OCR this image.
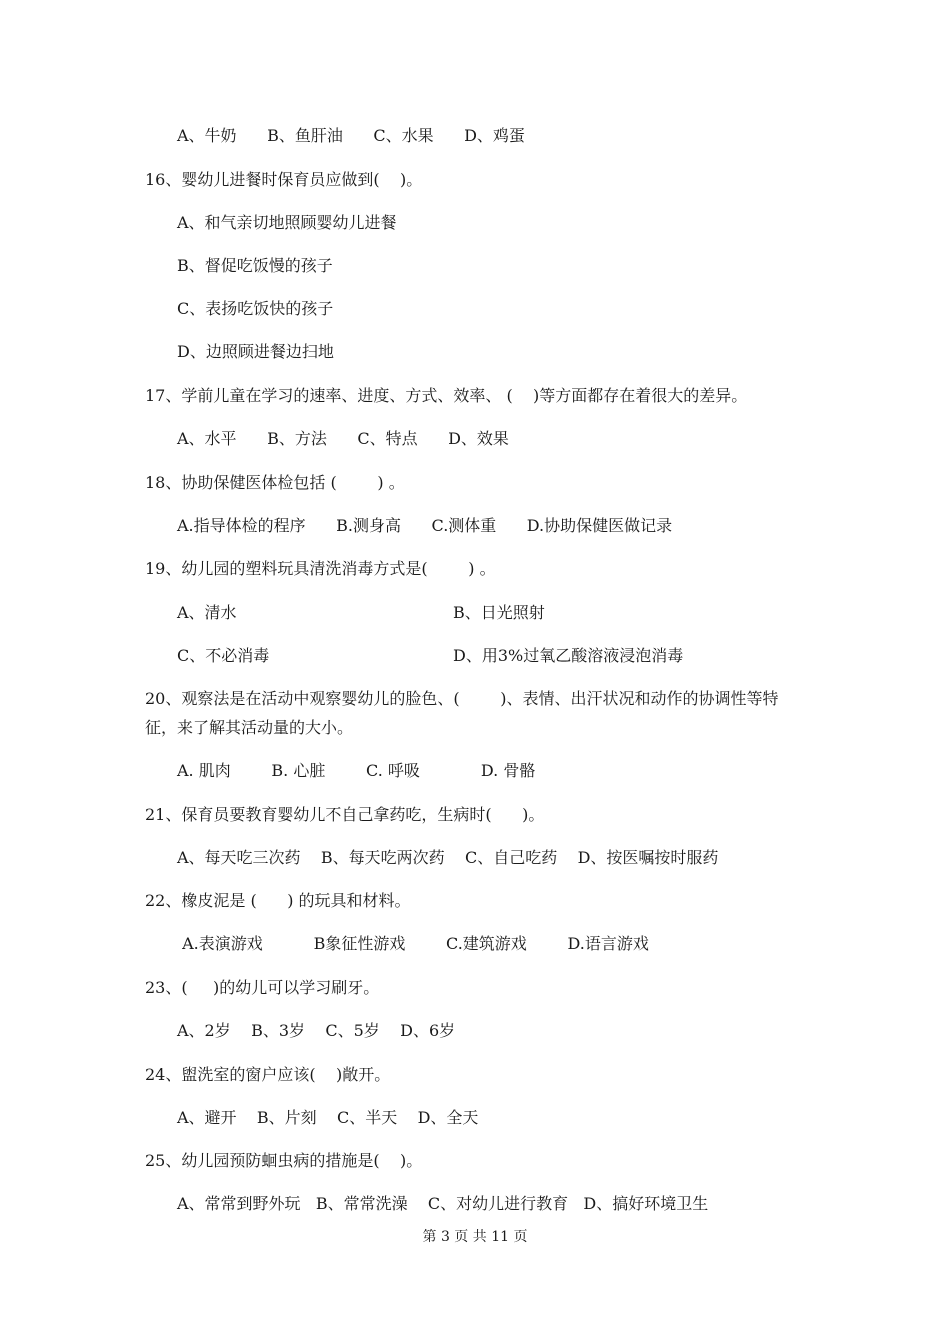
A、牛奶      B、鱼肝油      C、水果      D、鸡蛋
16、婴幼儿进餐时保育员应做到(    )。
A、和气亲切地照顾婴幼儿进餐
B、督促吃饭慢的孩子
C、表扬吃饭快的孩子
D、边照顾进餐边扫地
17、学前儿童在学习的速率、进度、方式、效率、 (    )等方面都存在着很大的差异。
A、水平      B、方法      C、特点      D、效果
18、协助保健医体检包括 (        ) 。
A.指导体检的程序      B.测身高      C.测体重      D.协助保健医做记录
19、幼儿园的塑料玩具清洗消毒方式是(        ) 。
A、清水	B、日光照射
C、不必消毒	D、用3%过氧乙酸溶液浸泡消毒
20、观察法是在活动中观察婴幼儿的脸色、(        )、表情、出汗状况和动作的协调性等特
征，来了解其活动量的大小。
A. 肌肉        B. 心脏        C. 呼吸            D. 骨骼
21、保育员要教育婴幼儿不自己拿药吃，生病时(      )。
A、每天吃三次药    B、每天吃两次药    C、自己吃药    D、按医嘱按时服药
22、橡皮泥是 (      ) 的玩具和材料。
A.表演游戏          B象征性游戏        C.建筑游戏        D.语言游戏
23、(     )的幼儿可以学习刷牙。
A、2岁    B、3岁    C、5岁    D、6岁
24、盥洗室的窗户应该(    )敞开。
A、避开    B、片刻    C、半天    D、全天
25、幼儿园预防蛔虫病的措施是(    )。
A、常常到野外玩   B、常常洗澡    C、对幼儿进行教育   D、搞好环境卫生
第 3 页 共 11 页
